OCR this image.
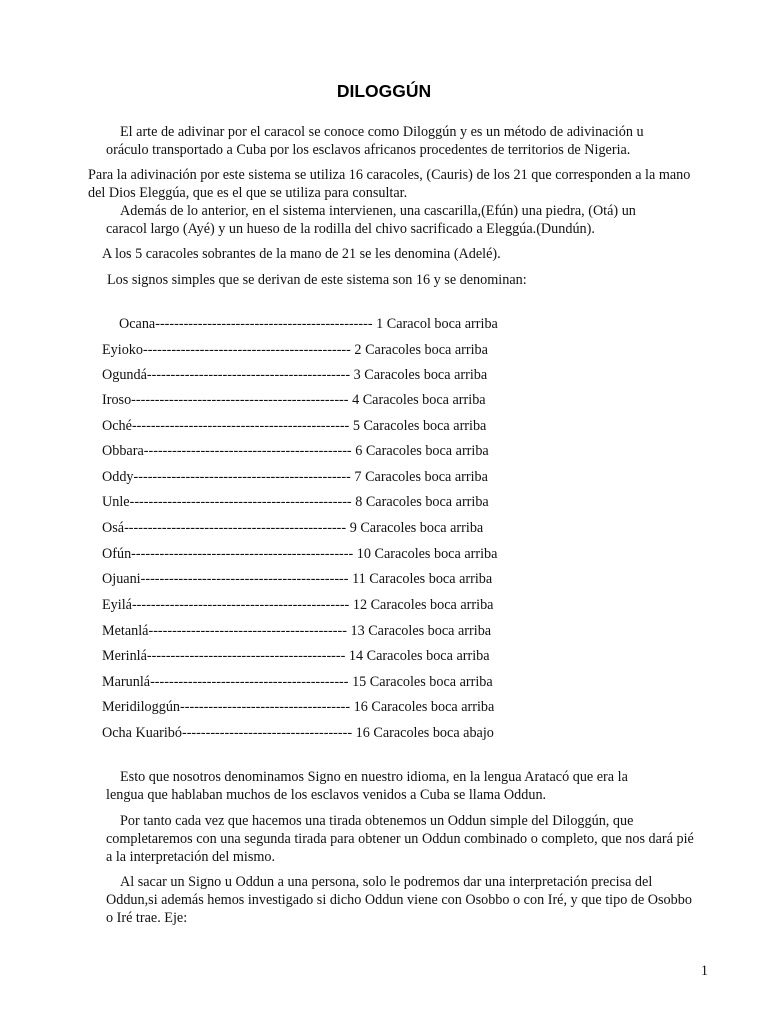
DILOGGÚN

El arte de adivinar por el caracol se conoce como Diloggún y es un método de adivinación u oráculo transportado a Cuba por los esclavos africanos procedentes de territorios de Nigeria.

Para la adivinación por este sistema se utiliza 16 caracoles, (Cauris) de los 21 que corresponden a la mano del Dios Eleggúa, que es el que se utiliza para consultar.

Además de lo anterior, en el sistema intervienen, una cascarilla,(Efún) una piedra, (Otá) un caracol largo (Ayé) y un hueso de la rodilla del chivo sacrificado a Eleggúa.(Dundún).

A los 5 caracoles sobrantes de la mano de 21 se les denomina (Adelé).

Los signos simples que se derivan de este sistema son 16 y se denominan:

Ocana---------------------------------------------- 1 Caracol boca arriba
Eyioko-------------------------------------------- 2 Caracoles boca arriba
Ogundá------------------------------------------- 3 Caracoles boca arriba
Iroso---------------------------------------------- 4 Caracoles boca arriba
Oché---------------------------------------------- 5 Caracoles boca arriba
Obbara-------------------------------------------- 6 Caracoles boca arriba
Oddy---------------------------------------------- 7 Caracoles boca arriba
Unle----------------------------------------------- 8 Caracoles boca arriba
Osá----------------------------------------------- 9 Caracoles boca arriba
Ofún----------------------------------------------- 10 Caracoles boca arriba
Ojuani-------------------------------------------- 11 Caracoles boca arriba
Eyilá---------------------------------------------- 12 Caracoles boca arriba
Metanlá------------------------------------------ 13 Caracoles boca arriba
Merinlá------------------------------------------ 14 Caracoles boca arriba
Marunlá------------------------------------------ 15 Caracoles boca arriba
Meridiloggún------------------------------------ 16 Caracoles boca arriba
Ocha Kuaribó------------------------------------ 16 Caracoles boca abajo

Esto que nosotros denominamos Signo en nuestro idioma, en la lengua Aratacó que era la lengua que hablaban muchos de los esclavos venidos a Cuba se llama Oddun.

Por tanto cada vez que hacemos una tirada obtenemos un Oddun simple del Diloggún, que completaremos con una segunda tirada para obtener un Oddun combinado o completo, que nos dará pié a la interpretación del mismo.

Al sacar un Signo u Oddun a una persona, solo le podremos dar una interpretación precisa del Oddun,si además hemos investigado si dicho Oddun viene con Osobbo o con Iré, y que tipo de Osobbo o Iré trae. Eje:

1
